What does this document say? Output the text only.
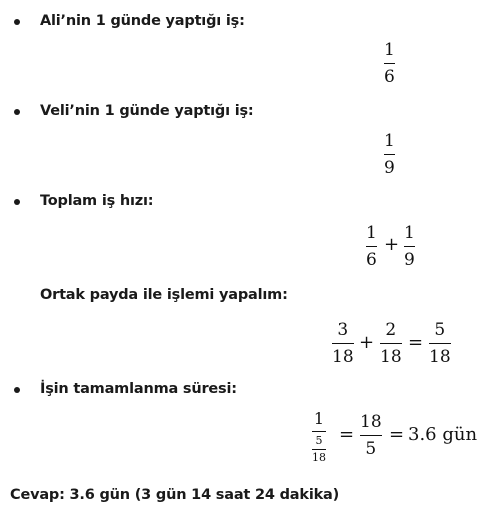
Ali’nin 1 günde yaptığı iş:
1
6
Veli’nin 1 günde yaptığı iş:
1
9
Toplam iş hızı:
1
6
+
1
9
Ortak payda ile işlemi yapalım:
3
18
+
2
18
=
5
18
İşin tamamlanma süresi:
1
$\frac{5}{18}$
=
18
5
= 3.6 gün
Cevap: 3.6 gün (3 gün 14 saat 24 dakika)
